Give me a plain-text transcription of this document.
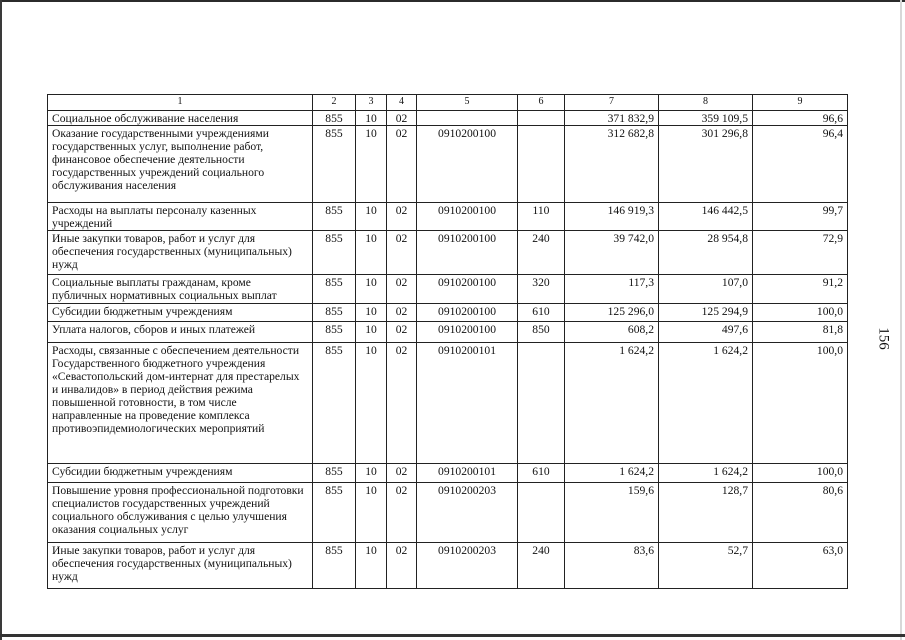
1	2	3	4	5	6	7	8	9
Социальное обслуживание населения	855	10	02			371 832,9	359 109,5	96,6
Оказание государственными учреждениями государственных услуг, выполнение работ, финансовое обеспечение деятельности государственных учреждений социального обслуживания населения	855	10	02	0910200100		312 682,8	301 296,8	96,4
Расходы на выплаты персоналу казенных учреждений	855	10	02	0910200100	110	146 919,3	146 442,5	99,7
Иные закупки товаров, работ и услуг для обеспечения государственных (муниципальных) нужд	855	10	02	0910200100	240	39 742,0	28 954,8	72,9
Социальные выплаты гражданам, кроме публичных нормативных социальных выплат	855	10	02	0910200100	320	117,3	107,0	91,2
Субсидии бюджетным учреждениям	855	10	02	0910200100	610	125 296,0	125 294,9	100,0
Уплата налогов, сборов и иных платежей	855	10	02	0910200100	850	608,2	497,6	81,8
Расходы, связанные с обеспечением деятельности Государственного бюджетного учреждения «Севастопольский дом-интернат для престарелых и инвалидов» в период действия режима повышенной готовности, в том числе направленные на проведение комплекса противоэпидемиологических мероприятий	855	10	02	0910200101		1 624,2	1 624,2	100,0
Субсидии бюджетным учреждениям	855	10	02	0910200101	610	1 624,2	1 624,2	100,0
Повышение уровня профессиональной подготовки специалистов государственных учреждений социального обслуживания с целью улучшения оказания социальных услуг	855	10	02	0910200203		159,6	128,7	80,6
Иные закупки товаров, работ и услуг для обеспечения государственных (муниципальных) нужд	855	10	02	0910200203	240	83,6	52,7	63,0
156
